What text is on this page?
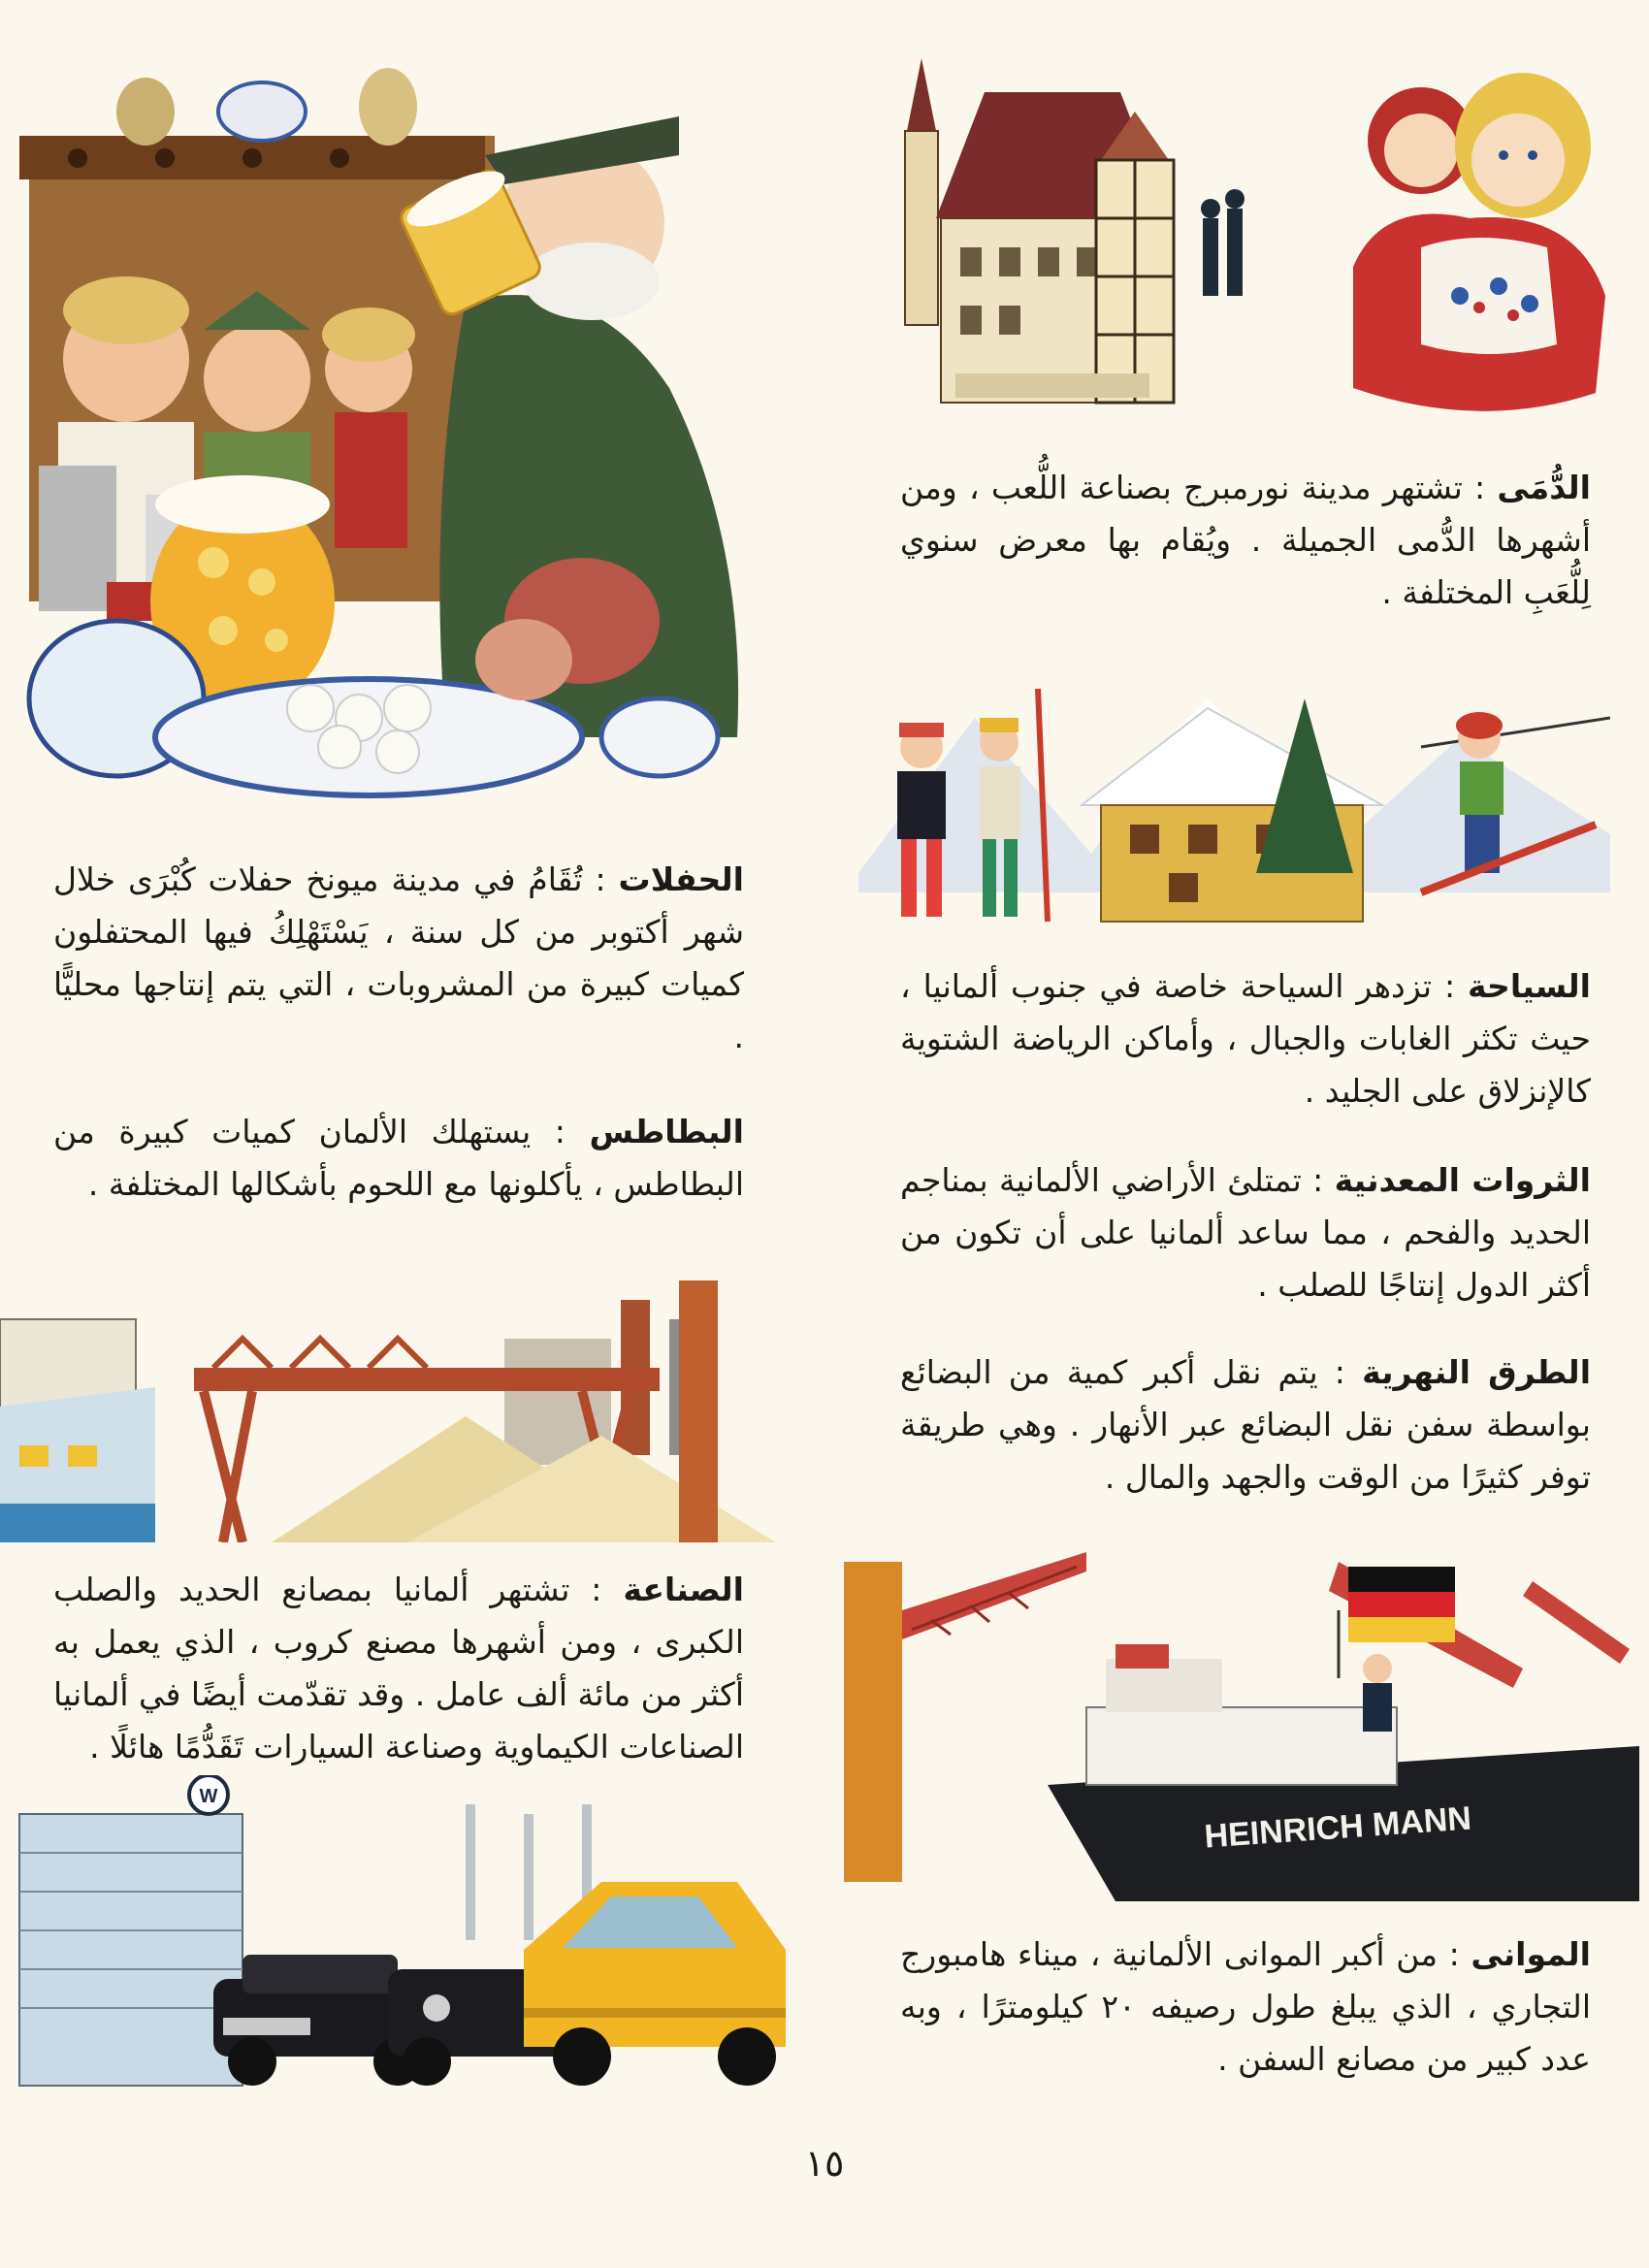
الدُّمَى : تشتهر مدينة نورمبرج بصناعة اللُّعب ، ومن أشهرها الدُّمى الجميلة . ويُقام بها معرض سنوي لِلُّعَبِ المختلفة .
السياحة : تزدهر السياحة خاصة في جنوب ألمانيا ، حيث تكثر الغابات والجبال ، وأماكن الرياضة الشتوية كالإنزلاق على الجليد .
الثروات المعدنية : تمتلئ الأراضي الألمانية بمناجم الحديد والفحم ، مما ساعد ألمانيا على أن تكون من أكثر الدول إنتاجًا للصلب .
الطرق النهرية : يتم نقل أكبر كمية من البضائع بواسطة سفن نقل البضائع عبر الأنهار . وهي طريقة توفر كثيرًا من الوقت والجهد والمال .
HEINRICH MANN
الموانى : من أكبر الموانى الألمانية ، ميناء هامبورج التجاري ، الذي يبلغ طول رصيفه ٢٠ كيلومترًا ، وبه عدد كبير من مصانع السفن .
الحفلات : تُقَامُ في مدينة ميونخ حفلات كُبْرَى خلال شهر أكتوبر من كل سنة ، يَسْتَهْلِكُ فيها المحتفلون كميات كبيرة من المشروبات ، التي يتم إنتاجها محليًّا .
البطاطس : يستهلك الألمان كميات كبيرة من البطاطس ، يأكلونها مع اللحوم بأشكالها المختلفة .
الصناعة : تشتهر ألمانيا بمصانع الحديد والصلب الكبرى ، ومن أشهرها مصنع كروب ، الذي يعمل به أكثر من مائة ألف عامل . وقد تقدّمت أيضًا في ألمانيا الصناعات الكيماوية وصناعة السيارات تَقَدُّمًا هائلًا .
W
١٥
